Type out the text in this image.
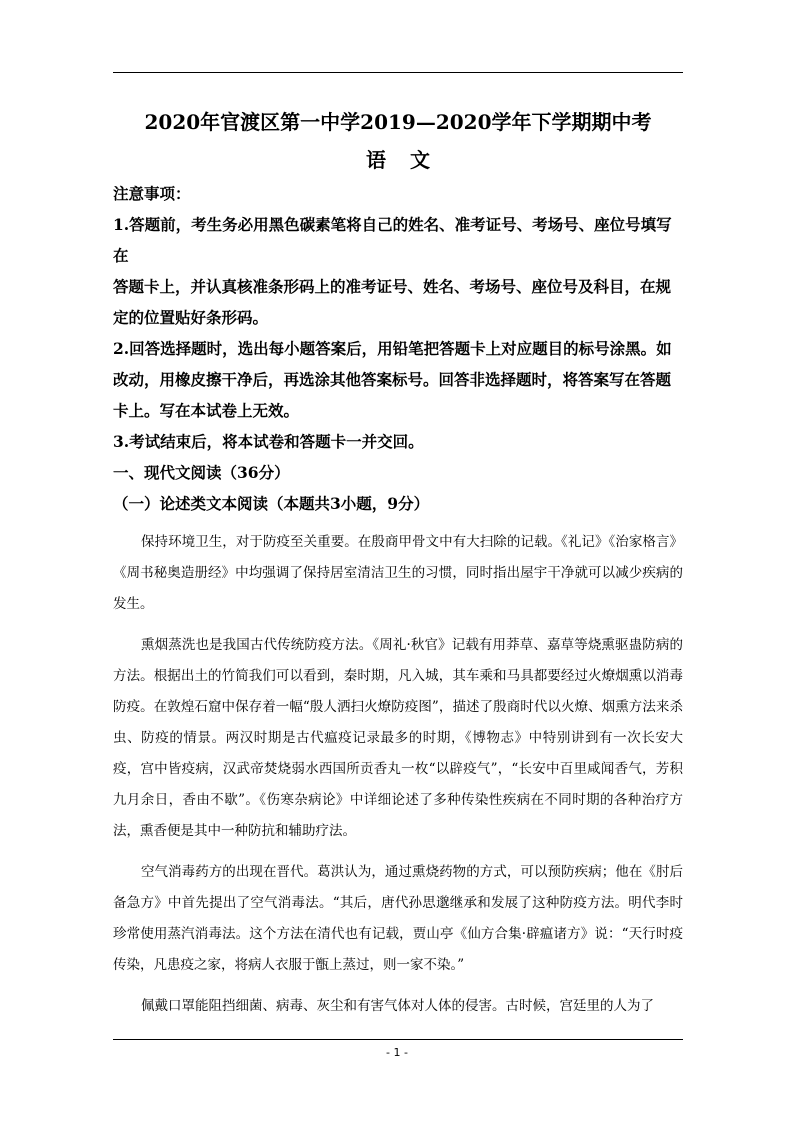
2020年官渡区第一中学2019—2020学年下学期期中考
语文

注意事项：

1.答题前，考生务必用黑色碳素笔将自己的姓名、准考证号、考场号、座位号填写在

答题卡上，并认真核准条形码上的准考证号、姓名、考场号、座位号及科目，在规定的位置贴好条形码。

2.回答选择题时，选出每小题答案后，用铅笔把答题卡上对应题目的标号涂黑。如

改动，用橡皮擦干净后，再选涂其他答案标号。回答非选择题时，将答案写在答题卡上。写在本试卷上无效。

3.考试结束后，将本试卷和答题卡一并交回。

一、现代文阅读（36分）

（一）论述类文本阅读（本题共3小题，9分）

保持环境卫生，对于防疫至关重要。在殷商甲骨文中有大扫除的记载。《礼记》《治家格言》《周书秘奥造册经》中均强调了保持居室清洁卫生的习惯，同时指出屋宇干净就可以减少疾病的发生。

熏烟蒸洗也是我国古代传统防疫方法。《周礼·秋官》记载有用莽草、嘉草等烧熏驱蛊防病的方法。根据出土的竹简我们可以看到，秦时期，凡入城，其车乘和马具都要经过火燎烟熏以消毒防疫。在敦煌石窟中保存着一幅“殷人洒扫火燎防疫图”，描述了殷商时代以火燎、烟熏方法来杀虫、防疫的情景。两汉时期是古代瘟疫记录最多的时期，《博物志》中特别讲到有一次长安大疫，宫中皆疫病，汉武帝焚烧弱水西国所贡香丸一枚“以辟疫气”，“长安中百里咸闻香气，芳积九月余日，香由不歇”。《伤寒杂病论》中详细论述了多种传染性疾病在不同时期的各种治疗方法，熏香便是其中一种防抗和辅助疗法。

空气消毒药方的出现在晋代。葛洪认为，通过熏烧药物的方式，可以预防疾病；他在《肘后备急方》中首先提出了空气消毒法。“其后，唐代孙思邈继承和发展了这种防疫方法。明代李时珍常使用蒸汽消毒法。这个方法在清代也有记载，贾山亭《仙方合集·辟瘟诸方》说：“天行时疫传染，凡患疫之家，将病人衣服于甑上蒸过，则一家不染。”

佩戴口罩能阻挡细菌、病毒、灰尘和有害气体对人体的侵害。古时候，宫廷里的人为了

- 1 -
